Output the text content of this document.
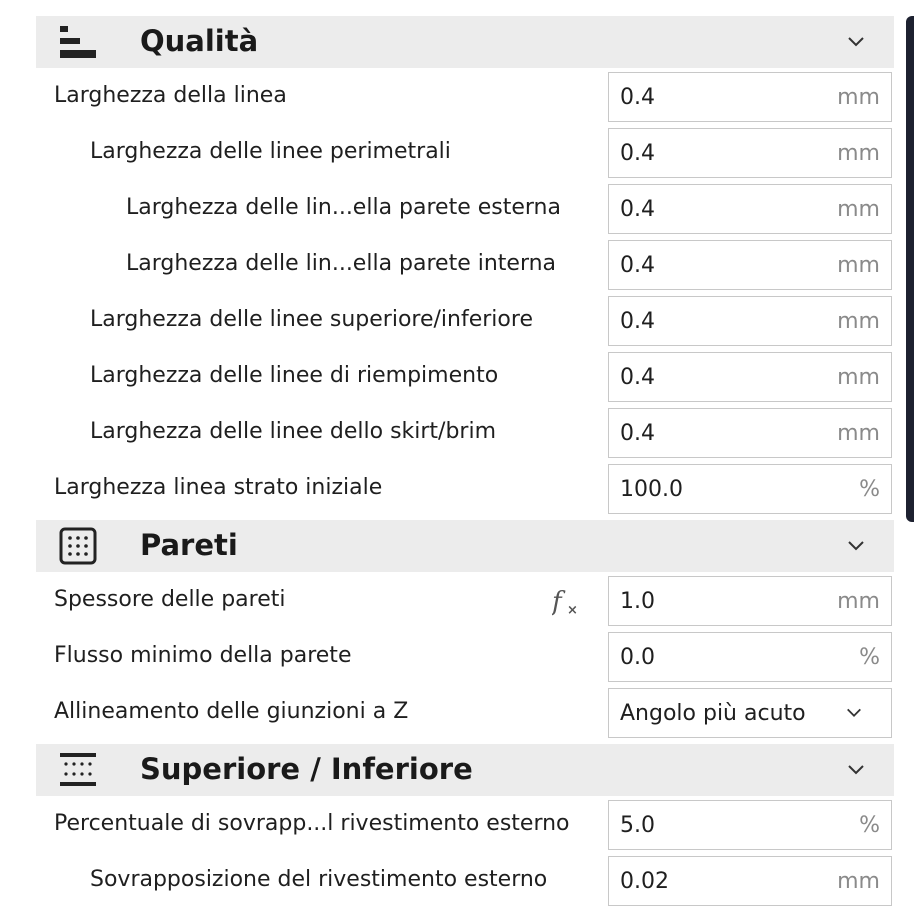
Qualità
Larghezza della linea	0.4	mm
Larghezza delle linee perimetrali	0.4	mm
Larghezza delle lin...ella parete esterna	0.4	mm
Larghezza delle lin...ella parete interna	0.4	mm
Larghezza delle linee superiore/inferiore	0.4	mm
Larghezza delle linee di riempimento	0.4	mm
Larghezza delle linee dello skirt/brim	0.4	mm
Larghezza linea strato iniziale	100.0	%
Pareti
Spessore delle pareti	f × 1.0	mm
Flusso minimo della parete	0.0	%
Allineamento delle giunzioni a Z	Angolo più acuto
Superiore / Inferiore
Percentuale di sovrapp...l rivestimento esterno 5.0	%
Sovrapposizione del rivestimento esterno	0.02	mm
